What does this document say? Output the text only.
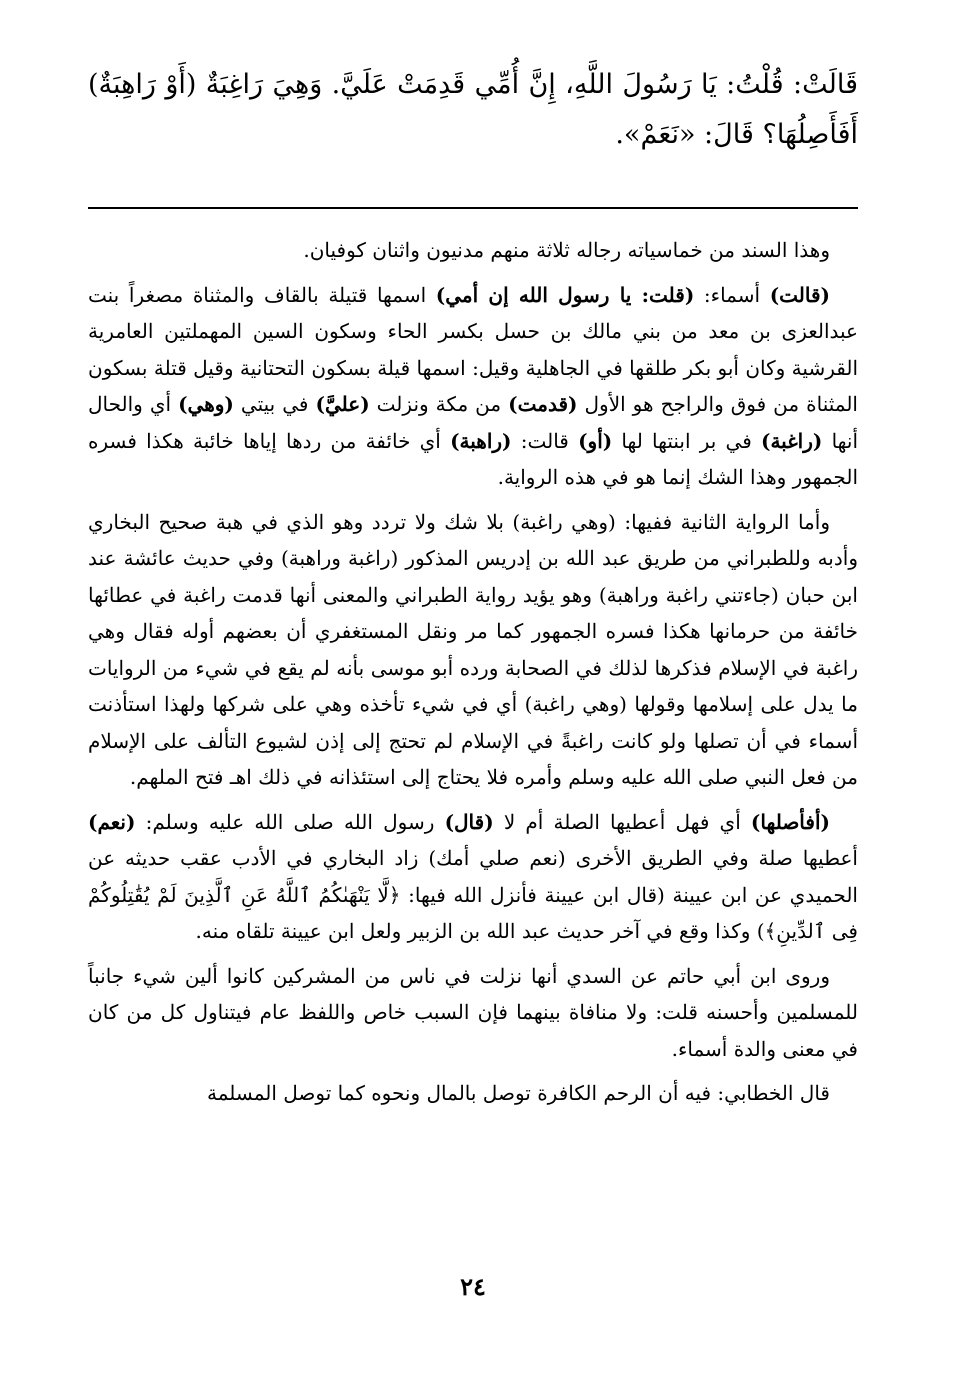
قَالَتْ: قُلْتُ: يَا رَسُولَ اللَّهِ، إِنَّ أُمِّي قَدِمَتْ عَلَيَّ. وَهِيَ رَاغِبَةٌ (أَوْ رَاهِبَةٌ) أَفَأَصِلُهَا؟ قَالَ: «نَعَمْ».

وهذا السند من خماسياته رجاله ثلاثة منهم مدنيون واثنان كوفيان.

(قالت) أسماء: (قلت: يا رسول الله إن أمي) اسمها قتيلة بالقاف والمثناة مصغراً بنت عبدالعزى بن معد من بني مالك بن حسل بكسر الحاء وسكون السين المهملتين العامرية القرشية وكان أبو بكر طلقها في الجاهلية وقيل: اسمها قيلة بسكون التحتانية وقيل قتلة بسكون المثناة من فوق والراجح هو الأول (قدمت) من مكة ونزلت (عليَّ) في بيتي (وهي) أي والحال أنها (راغبة) في بر ابنتها لها (أو) قالت: (راهبة) أي خائفة من ردها إياها خائبة هكذا فسره الجمهور وهذا الشك إنما هو في هذه الرواية.

وأما الرواية الثانية ففيها: (وهي راغبة) بلا شك ولا تردد وهو الذي في هبة صحيح البخاري وأدبه وللطبراني من طريق عبد الله بن إدريس المذكور (راغبة وراهبة) وفي حديث عائشة عند ابن حبان (جاءتني راغبة وراهبة) وهو يؤيد رواية الطبراني والمعنى أنها قدمت راغبة في عطائها خائفة من حرمانها هكذا فسره الجمهور كما مر ونقل المستغفري أن بعضهم أوله فقال وهي راغبة في الإسلام فذكرها لذلك في الصحابة ورده أبو موسى بأنه لم يقع في شيء من الروايات ما يدل على إسلامها وقولها (وهي راغبة) أي في شيء تأخذه وهي على شركها ولهذا استأذنت أسماء في أن تصلها ولو كانت راغبةً في الإسلام لم تحتج إلى إذن لشيوع التألف على الإسلام من فعل النبي صلى الله عليه وسلم وأمره فلا يحتاج إلى استئذانه في ذلك اهـ فتح الملهم.

(أفأصلها) أي فهل أعطيها الصلة أم لا (قال) رسول الله صلى الله عليه وسلم: (نعم) أعطيها صلة وفي الطريق الأخرى (نعم صلي أمك) زاد البخاري في الأدب عقب حديثه عن الحميدي عن ابن عيينة (قال ابن عيينة فأنزل الله فيها: ﴿لَّا يَنْهَىٰكُمُ ٱللَّهُ عَنِ ٱلَّذِينَ لَمْ يُقَٰتِلُوكُمْ فِى ٱلدِّينِ﴾) وكذا وقع في آخر حديث عبد الله بن الزبير ولعل ابن عيينة تلقاه منه.

وروى ابن أبي حاتم عن السدي أنها نزلت في ناس من المشركين كانوا ألين شيء جانباً للمسلمين وأحسنه قلت: ولا منافاة بينهما فإن السبب خاص واللفظ عام فيتناول كل من كان في معنى والدة أسماء.

قال الخطابي: فيه أن الرحم الكافرة توصل بالمال ونحوه كما توصل المسلمة

٢٤
